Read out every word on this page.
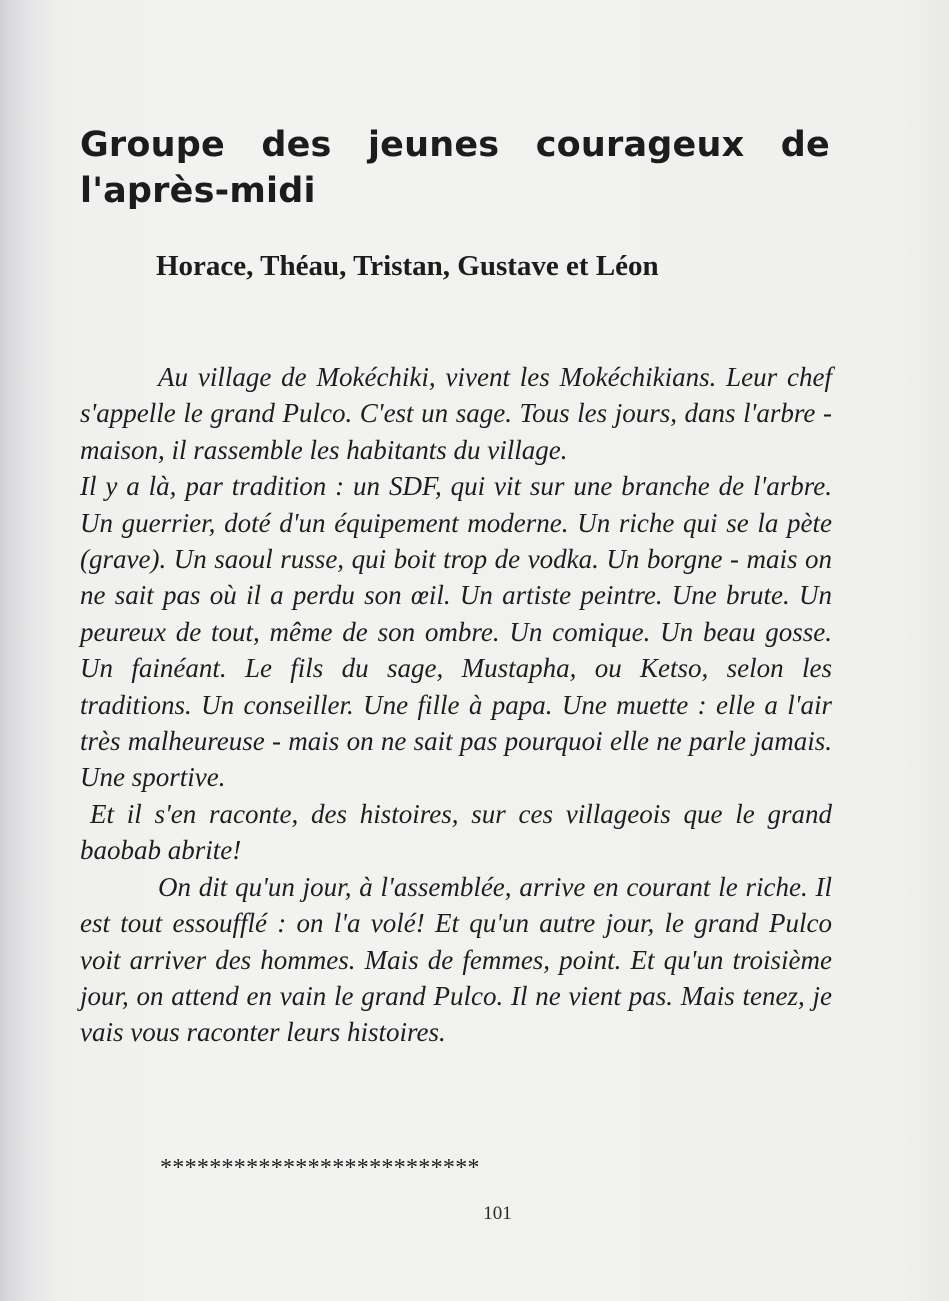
Groupe des jeunes courageux de l'après-midi
Horace, Théau, Tristan, Gustave et Léon

Au village de Mokéchiki, vivent les Mokéchikians. Leur chef s'appelle le grand Pulco. C'est un sage. Tous les jours, dans l'arbre - maison, il rassemble les habitants du village.

Il y a là, par tradition : un SDF, qui vit sur une branche de l'arbre. Un guerrier, doté d'un équipement moderne. Un riche qui se la pète (grave). Un saoul russe, qui boit trop de vodka. Un borgne - mais on ne sait pas où il a perdu son œil. Un artiste peintre. Une brute. Un peureux de tout, même de son ombre. Un comique. Un beau gosse. Un fainéant. Le fils du sage, Mustapha, ou Ketso, selon les traditions. Un conseiller. Une fille à papa. Une muette : elle a l'air très malheureuse - mais on ne sait pas pourquoi elle ne parle jamais. Une sportive.

Et il s'en raconte, des histoires, sur ces villageois que le grand baobab abrite!

On dit qu'un jour, à l'assemblée, arrive en courant le riche. Il est tout essoufflé : on l'a volé! Et qu'un autre jour, le grand Pulco voit arriver des hommes. Mais de femmes, point. Et qu'un troisième jour, on attend en vain le grand Pulco. Il ne vient pas. Mais tenez, je vais vous raconter leurs histoires.

**************************

101
